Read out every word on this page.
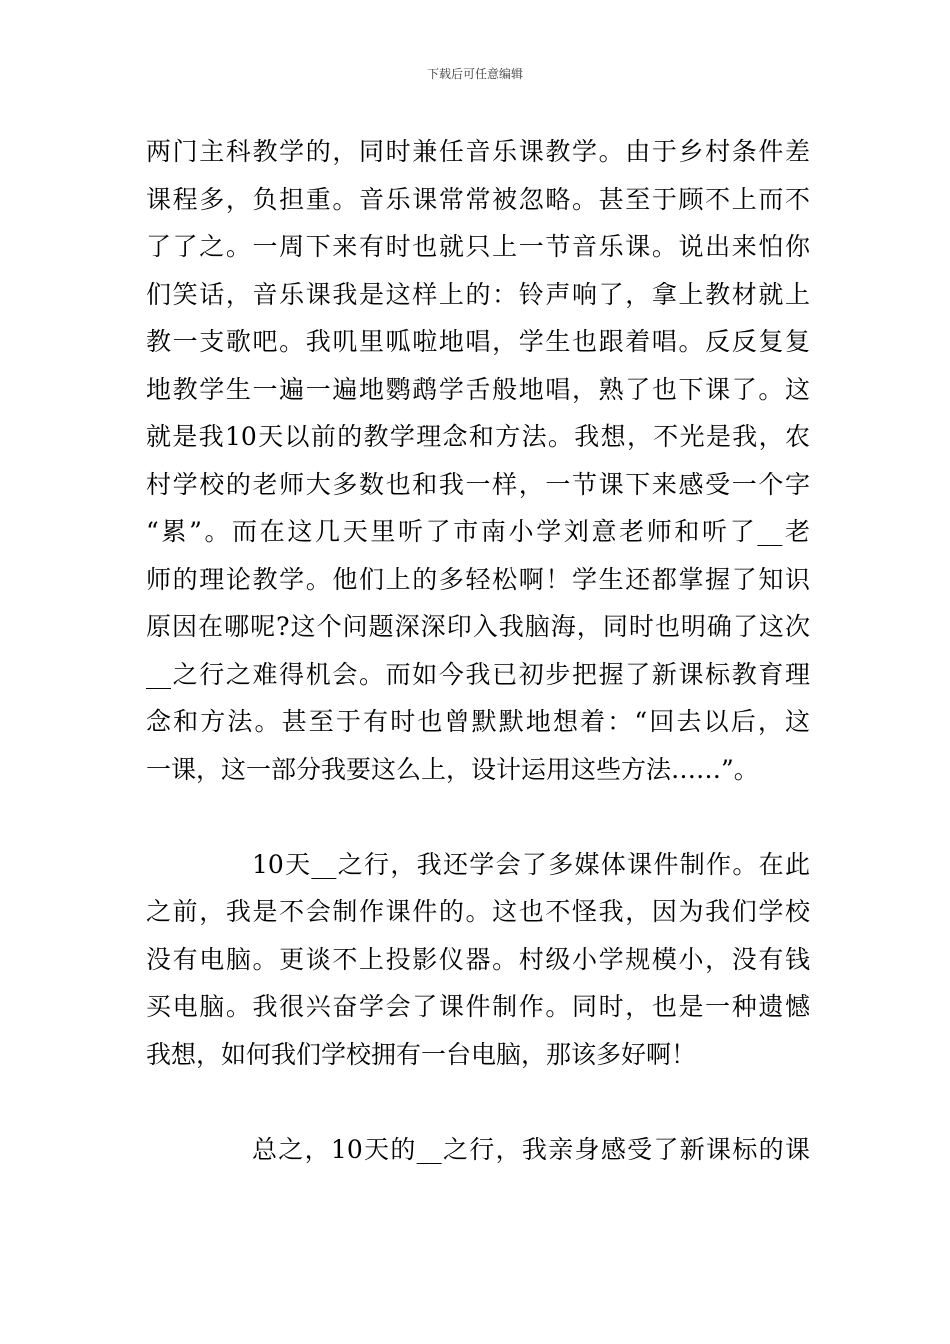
下载后可任意编辑
两门主科教学的，同时兼任音乐课教学。由于乡村条件差
课程多，负担重。音乐课常常被忽略。甚至于顾不上而不
了了之。一周下来有时也就只上一节音乐课。说出来怕你
们笑话，音乐课我是这样上的：铃声响了，拿上教材就上
教一支歌吧。我叽里呱啦地唱，学生也跟着唱。反反复复
地教学生一遍一遍地鹦鹉学舌般地唱，熟了也下课了。这
就是我10天以前的教学理念和方法。我想，不光是我，农
村学校的老师大多数也和我一样，一节课下来感受一个字
“累”。而在这几天里听了市南小学刘意老师和听了__老
师的理论教学。他们上的多轻松啊！学生还都掌握了知识
原因在哪呢?这个问题深深印入我脑海，同时也明确了这次
__之行之难得机会。而如今我已初步把握了新课标教育理
念和方法。甚至于有时也曾默默地想着：“回去以后，这
一课，这一部分我要这么上，设计运用这些方法……”。
10天__之行，我还学会了多媒体课件制作。在此
之前，我是不会制作课件的。这也不怪我，因为我们学校
没有电脑。更谈不上投影仪器。村级小学规模小，没有钱
买电脑。我很兴奋学会了课件制作。同时，也是一种遗憾
我想，如何我们学校拥有一台电脑，那该多好啊！
总之，10天的__之行，我亲身感受了新课标的课
